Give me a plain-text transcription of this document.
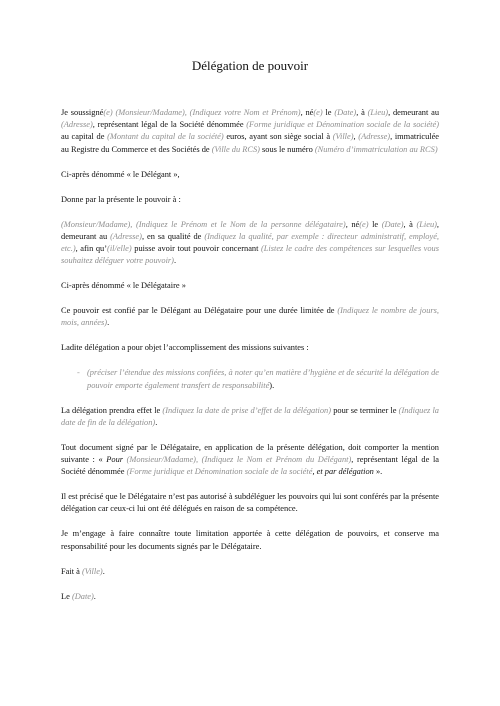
Délégation de pouvoir

Je soussigné(e) (Monsieur/Madame), (Indiquez votre Nom et Prénom), né(e) le (Date), à (Lieu), demeurant au (Adresse), représentant légal de la Société dénommée (Forme juridique et Dénomination sociale de la société) au capital de (Montant du capital de la société) euros, ayant son siège social à (Ville), (Adresse), immatriculée au Registre du Commerce et des Sociétés de (Ville du RCS) sous le numéro (Numéro d’immatriculation au RCS)

Ci-après dénommé « le Délégant »,

Donne par la présente le pouvoir à :

(Monsieur/Madame), (Indiquez le Prénom et le Nom de la personne délégataire), né(e) le (Date), à (Lieu), demeurant au (Adresse), en sa qualité de (Indiquez la qualité, par exemple : directeur administratif, employé, etc.), afin qu’(il/elle) puisse avoir tout pouvoir concernant (Listez le cadre des compétences sur lesquelles vous souhaitez déléguer votre pouvoir).

Ci-après dénommé « le Délégataire »

Ce pouvoir est confié par le Délégant au Délégataire pour une durée limitée de (Indiquez le nombre de jours, mois, années).

Ladite délégation a pour objet l’accomplissement des missions suivantes :

- (préciser l’étendue des missions confiées, à noter qu’en matière d’hygiène et de sécurité la délégation de pouvoir emporte également transfert de responsabilité).

La délégation prendra effet le (Indiquez la date de prise d’effet de la délégation) pour se terminer le (Indiquez la date de fin de la délégation).

Tout document signé par le Délégataire, en application de la présente délégation, doit comporter la mention suivante : « Pour (Monsieur/Madame), (Indiquez le Nom et Prénom du Délégant), représentant légal de la Société dénommée (Forme juridique et Dénomination sociale de la société, et par délégation ».

Il est précisé que le Délégataire n’est pas autorisé à subdéléguer les pouvoirs qui lui sont conférés par la présente délégation car ceux-ci lui ont été délégués en raison de sa compétence.

Je m’engage à faire connaître toute limitation apportée à cette délégation de pouvoirs, et conserve ma responsabilité pour les documents signés par le Délégataire.

Fait à (Ville).

Le (Date).
